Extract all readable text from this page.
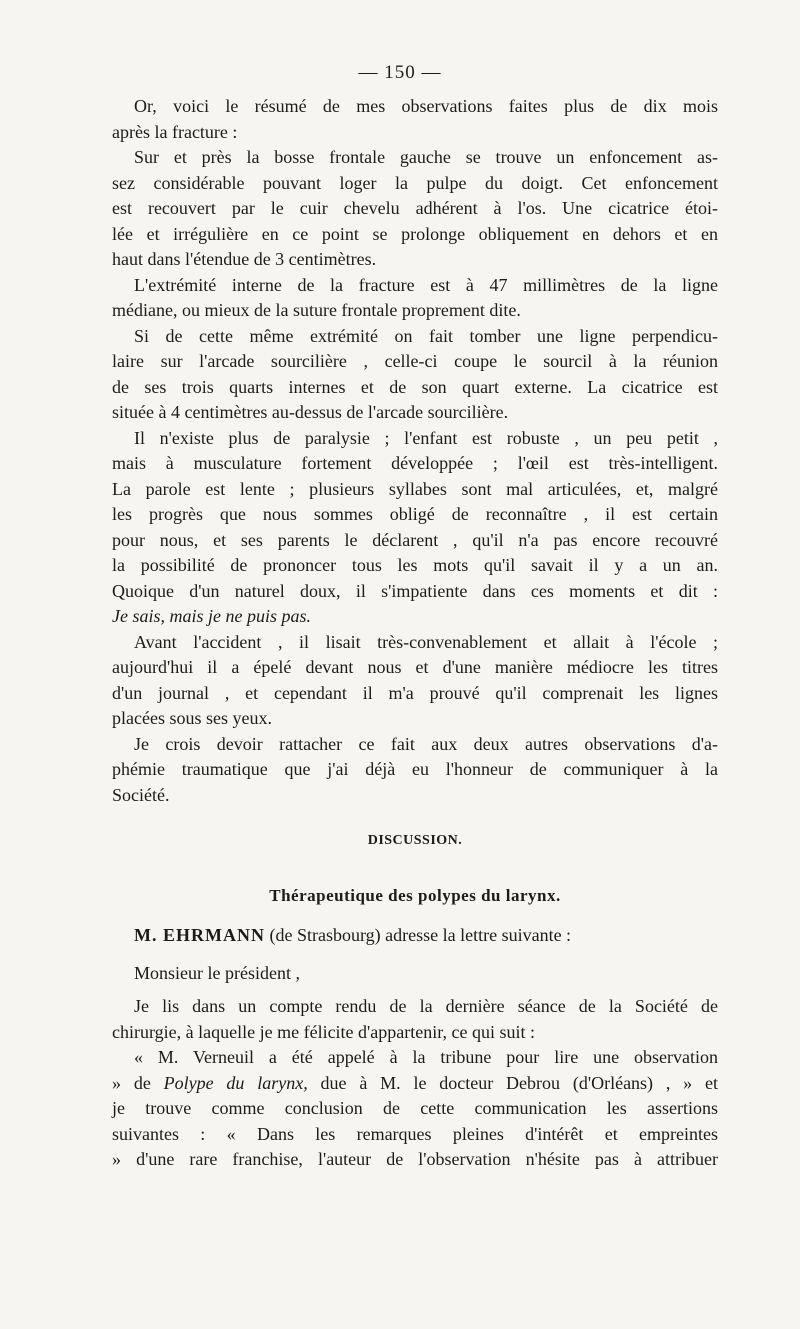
— 150 —
Or, voici le résumé de mes observations faites plus de dix mois
après la fracture :
Sur et près la bosse frontale gauche se trouve un enfoncement as-
sez considérable pouvant loger la pulpe du doigt. Cet enfoncement
est recouvert par le cuir chevelu adhérent à l'os. Une cicatrice étoi-
lée et irrégulière en ce point se prolonge obliquement en dehors et en
haut dans l'étendue de 3 centimètres.
L'extrémité interne de la fracture est à 47 millimètres de la ligne
médiane, ou mieux de la suture frontale proprement dite.
Si de cette même extrémité on fait tomber une ligne perpendicu-
laire sur l'arcade sourcilière , celle-ci coupe le sourcil à la réunion
de ses trois quarts internes et de son quart externe. La cicatrice est
située à 4 centimètres au-dessus de l'arcade sourcilière.
Il n'existe plus de paralysie ; l'enfant est robuste , un peu petit ,
mais à musculature fortement développée ; l'œil est très-intelligent.
La parole est lente ; plusieurs syllabes sont mal articulées, et, malgré
les progrès que nous sommes obligé de reconnaître , il est certain
pour nous, et ses parents le déclarent , qu'il n'a pas encore recouvré
la possibilité de prononcer tous les mots qu'il savait il y a un an.
Quoique d'un naturel doux, il s'impatiente dans ces moments et dit :
Je sais, mais je ne puis pas.
Avant l'accident , il lisait très-convenablement et allait à l'école ;
aujourd'hui il a épelé devant nous et d'une manière médiocre les titres
d'un journal , et cependant il m'a prouvé qu'il comprenait les lignes
placées sous ses yeux.
Je crois devoir rattacher ce fait aux deux autres observations d'a-
phémie traumatique que j'ai déjà eu l'honneur de communiquer à la
Société.
DISCUSSION.
Thérapeutique des polypes du larynx.
M. EHRMANN (de Strasbourg) adresse la lettre suivante :
Monsieur le président ,
Je lis dans un compte rendu de la dernière séance de la Société de
chirurgie, à laquelle je me félicite d'appartenir, ce qui suit :
« M. Verneuil a été appelé à la tribune pour lire une observation
» de Polype du larynx, due à M. le docteur Debrou (d'Orléans) , » et
je trouve comme conclusion de cette communication les assertions
suivantes : « Dans les remarques pleines d'intérêt et empreintes
» d'une rare franchise, l'auteur de l'observation n'hésite pas à attribuer
